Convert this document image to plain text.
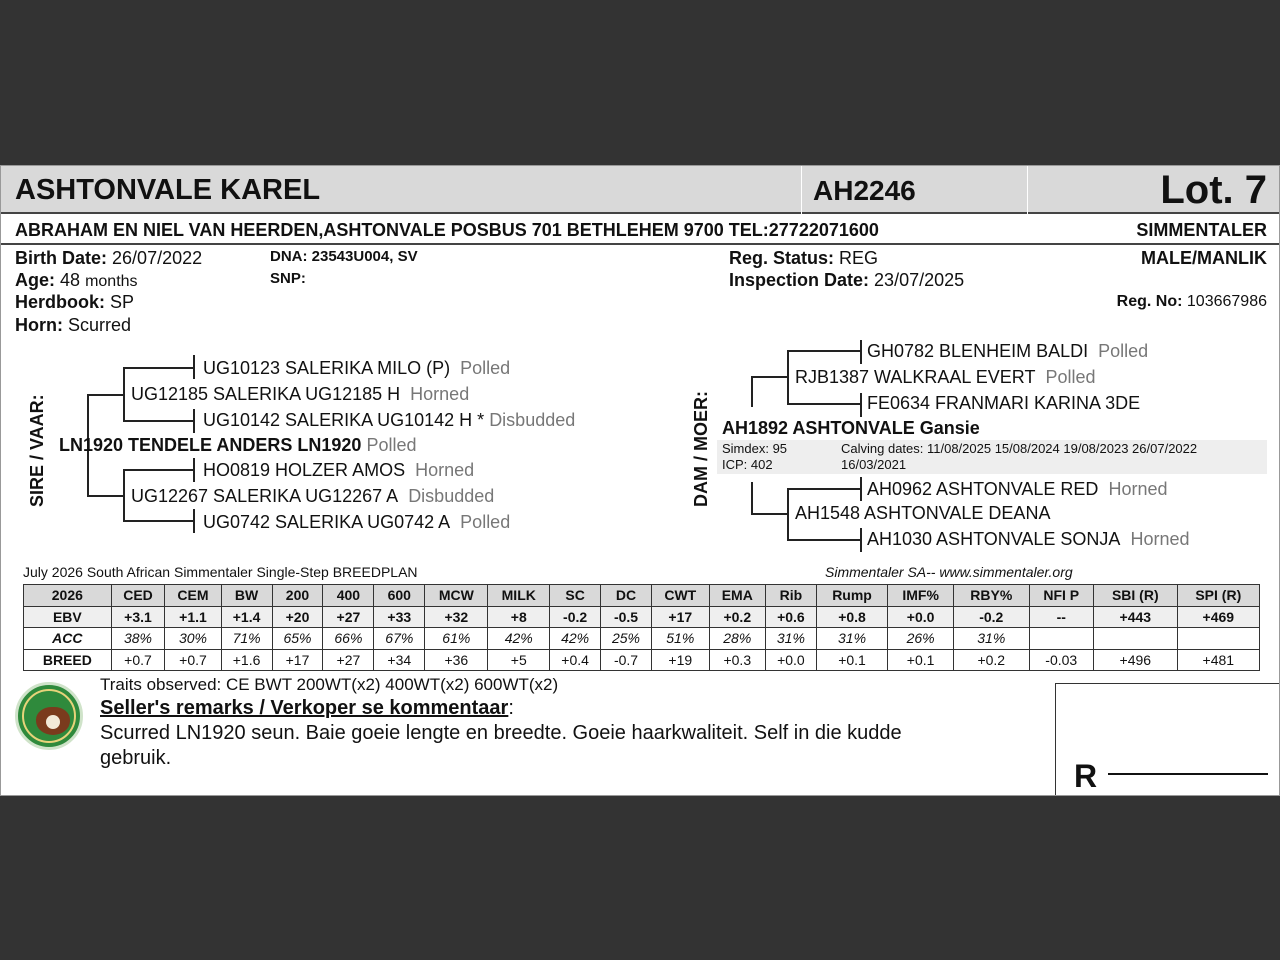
ASHTONVALE KAREL	AH2246	Lot. 7
ABRAHAM EN NIEL VAN HEERDEN,ASHTONVALE POSBUS 701 BETHLEHEM 9700 TEL:27722071600	SIMMENTALER
Birth Date: 26/07/2022
Age: 48 months
Herdbook: SP
Horn: Scurred
DNA: 23543U004, SV
SNP:
Reg. Status: REG
Inspection Date: 23/07/2025
MALE/MANLIK
Reg. No: 103667986
SIRE / VAAR:
UG10123 SALERIKA MILO (P) Polled
UG12185 SALERIKA UG12185 H Horned
UG10142 SALERIKA UG10142 H * Disbudded
LN1920 TENDELE ANDERS LN1920 Polled
HO0819 HOLZER AMOS Horned
UG12267 SALERIKA UG12267 A Disbudded
UG0742 SALERIKA UG0742 A Polled
DAM / MOER:
GH0782 BLENHEIM BALDI Polled
RJB1387 WALKRAAL EVERT Polled
FE0634 FRANMARI KARINA 3DE
AH1892 ASHTONVALE Gansie
Simdex: 95
ICP: 402
Calving dates: 11/08/2025 15/08/2024 19/08/2023 26/07/2022
16/03/2021
AH0962 ASHTONVALE RED Horned
AH1548 ASHTONVALE DEANA
AH1030 ASHTONVALE SONJA Horned
July 2026 South African Simmentaler Single-Step BREEDPLAN	Simmentaler SA-- www.simmentaler.org
2026	CED	CEM	BW	200	400	600	MCW	MILK	SC	DC	CWT	EMA	Rib	Rump	IMF%	RBY%	NFI P	SBI (R)	SPI (R)
EBV	+3.1	+1.1	+1.4	+20	+27	+33	+32	+8	-0.2	-0.5	+17	+0.2	+0.6	+0.8	+0.0	-0.2	--	+443	+469
ACC	38%	30%	71%	65%	66%	67%	61%	42%	42%	25%	51%	28%	31%	31%	26%	31%			
BREED	+0.7	+0.7	+1.6	+17	+27	+34	+36	+5	+0.4	-0.7	+19	+0.3	+0.0	+0.1	+0.1	+0.2	-0.03	+496	+481
Traits observed: CE BWT 200WT(x2) 400WT(x2) 600WT(x2)
Seller's remarks / Verkoper se kommentaar:
Scurred LN1920 seun. Baie goeie lengte en breedte. Goeie haarkwaliteit. Self in die kudde
gebruik.	R
